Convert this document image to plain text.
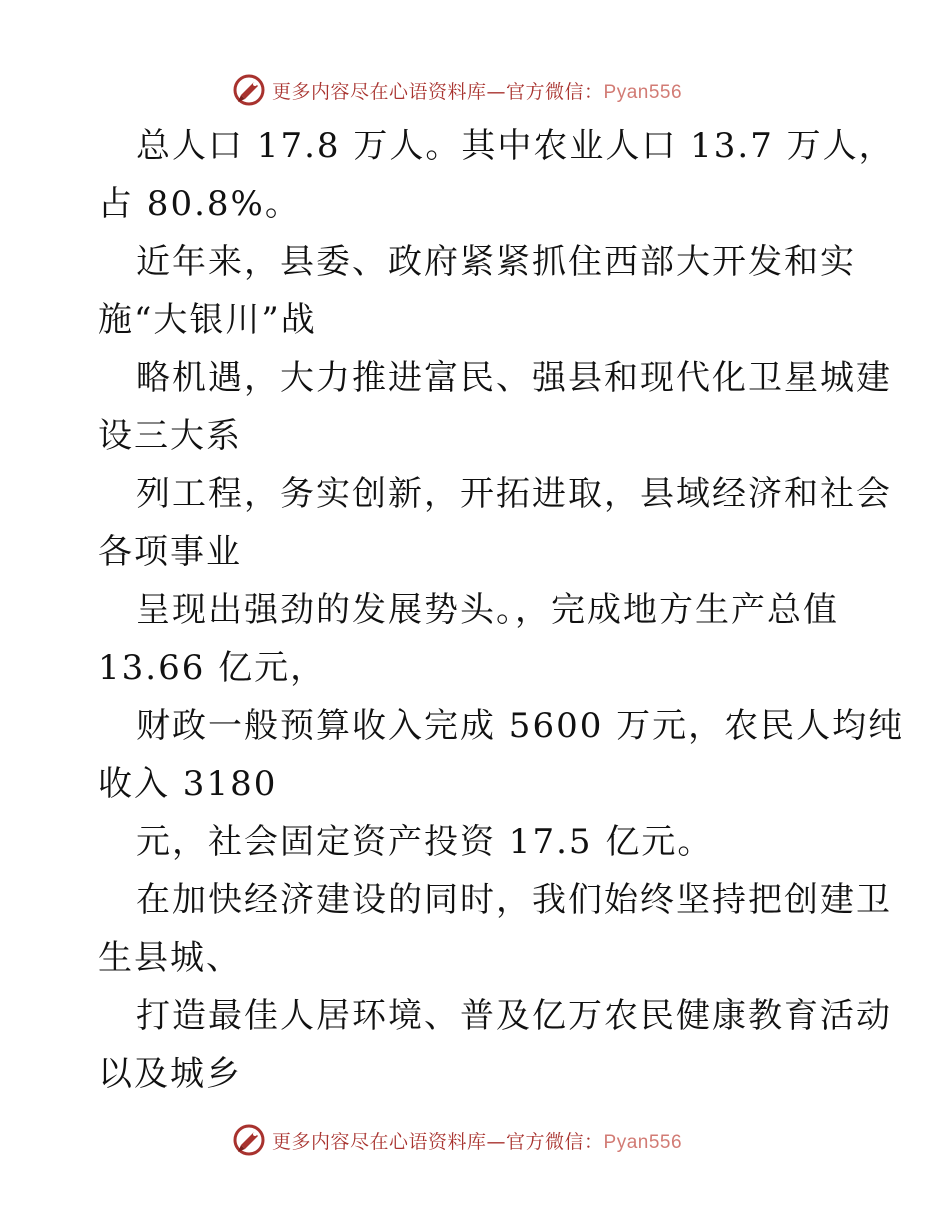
更多内容尽在心语资料库—官方微信：Pyan556
总人口 17.8 万人。其中农业人口 13.7 万人，
占 80.8%。
近年来，县委、政府紧紧抓住西部大开发和实
施“大银川”战
略机遇，大力推进富民、强县和现代化卫星城建
设三大系
列工程，务实创新，开拓进取，县域经济和社会
各项事业
呈现出强劲的发展势头。，完成地方生产总值
13.66 亿元，
财政一般预算收入完成 5600 万元，农民人均纯
收入 3180
元，社会固定资产投资 17.5 亿元。
在加快经济建设的同时，我们始终坚持把创建卫
生县城、
打造最佳人居环境、普及亿万农民健康教育活动
以及城乡
更多内容尽在心语资料库—官方微信：Pyan556
